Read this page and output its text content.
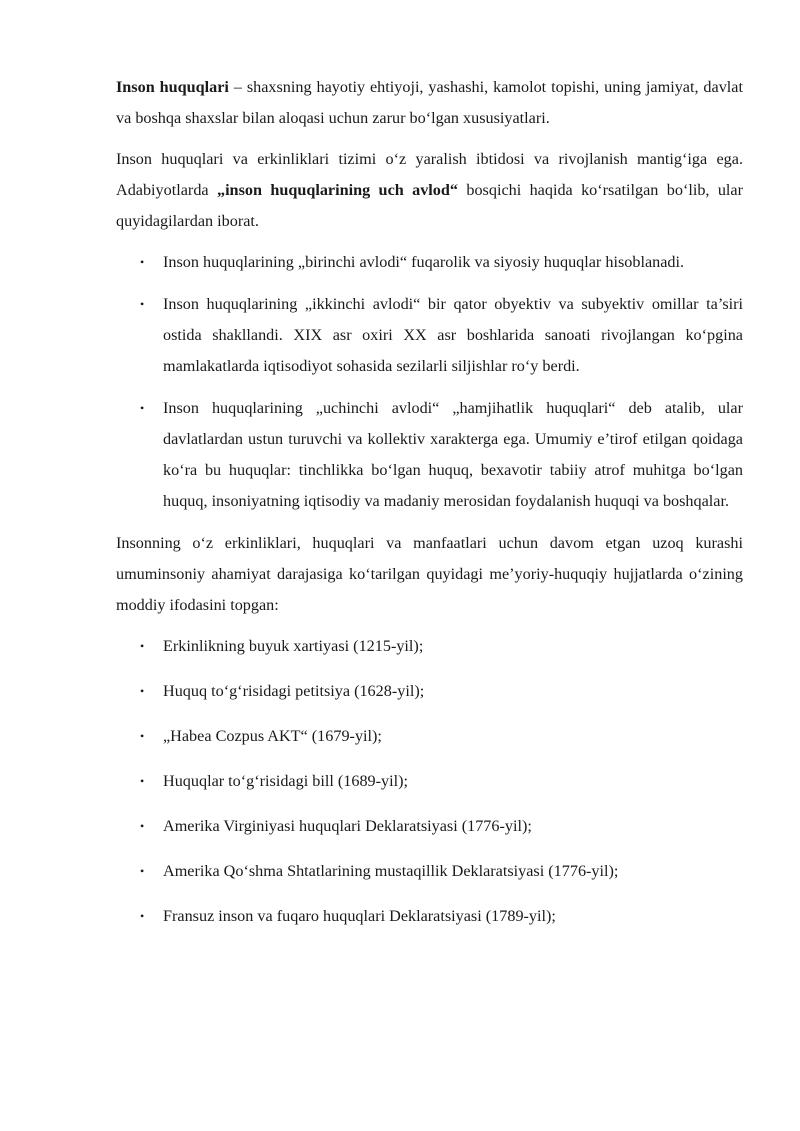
Inson huquqlari – shaxsning hayotiy ehtiyoji, yashashi, kamolot topishi, uning jamiyat, davlat va boshqa shaxslar bilan aloqasi uchun zarur bo‘lgan xususiyatlari.

Inson huquqlari va erkinliklari tizimi o‘z yaralish ibtidosi va rivojlanish mantig‘iga ega. Adabiyotlarda „inson huquqlarining uch avlod“ bosqichi haqida ko‘rsatilgan bo‘lib, ular quyidagilardan iborat.

• Inson huquqlarining „birinchi avlodi“ fuqarolik va siyosiy huquqlar hisoblanadi.
• Inson huquqlarining „ikkinchi avlodi“ bir qator obyektiv va subyektiv omillar ta’siri ostida shakllandi. XIX asr oxiri XX asr boshlarida sanoati rivojlangan ko‘pgina mamlakatlarda iqtisodiyot sohasida sezilarli siljishlar ro‘y berdi.
• Inson huquqlarining „uchinchi avlodi“ „hamjihatlik huquqlari“ deb atalib, ular davlatlardan ustun turuvchi va kollektiv xarakterga ega. Umumiy e’tirof etilgan qoidaga ko‘ra bu huquqlar: tinchlikka bo‘lgan huquq, bexavotir tabiiy atrof muhitga bo‘lgan huquq, insoniyatning iqtisodiy va madaniy merosidan foydalanish huquqi va boshqalar.

Insonning o‘z erkinliklari, huquqlari va manfaatlari uchun davom etgan uzoq kurashi umuminsoniy ahamiyat darajasiga ko‘tarilgan quyidagi me’yoriy-huquqiy hujjatlarda o‘zining moddiy ifodasini topgan:

• Erkinlikning buyuk xartiyasi (1215-yil);
• Huquq to‘g‘risidagi petitsiya (1628-yil);
• „Habea Cozpus AKT“ (1679-yil);
• Huquqlar to‘g‘risidagi bill (1689-yil);
• Amerika Virginiyasi huquqlari Deklaratsiyasi (1776-yil);
• Amerika Qo‘shma Shtatlarining mustaqillik Deklaratsiyasi (1776-yil);
• Fransuz inson va fuqaro huquqlari Deklaratsiyasi (1789-yil);
